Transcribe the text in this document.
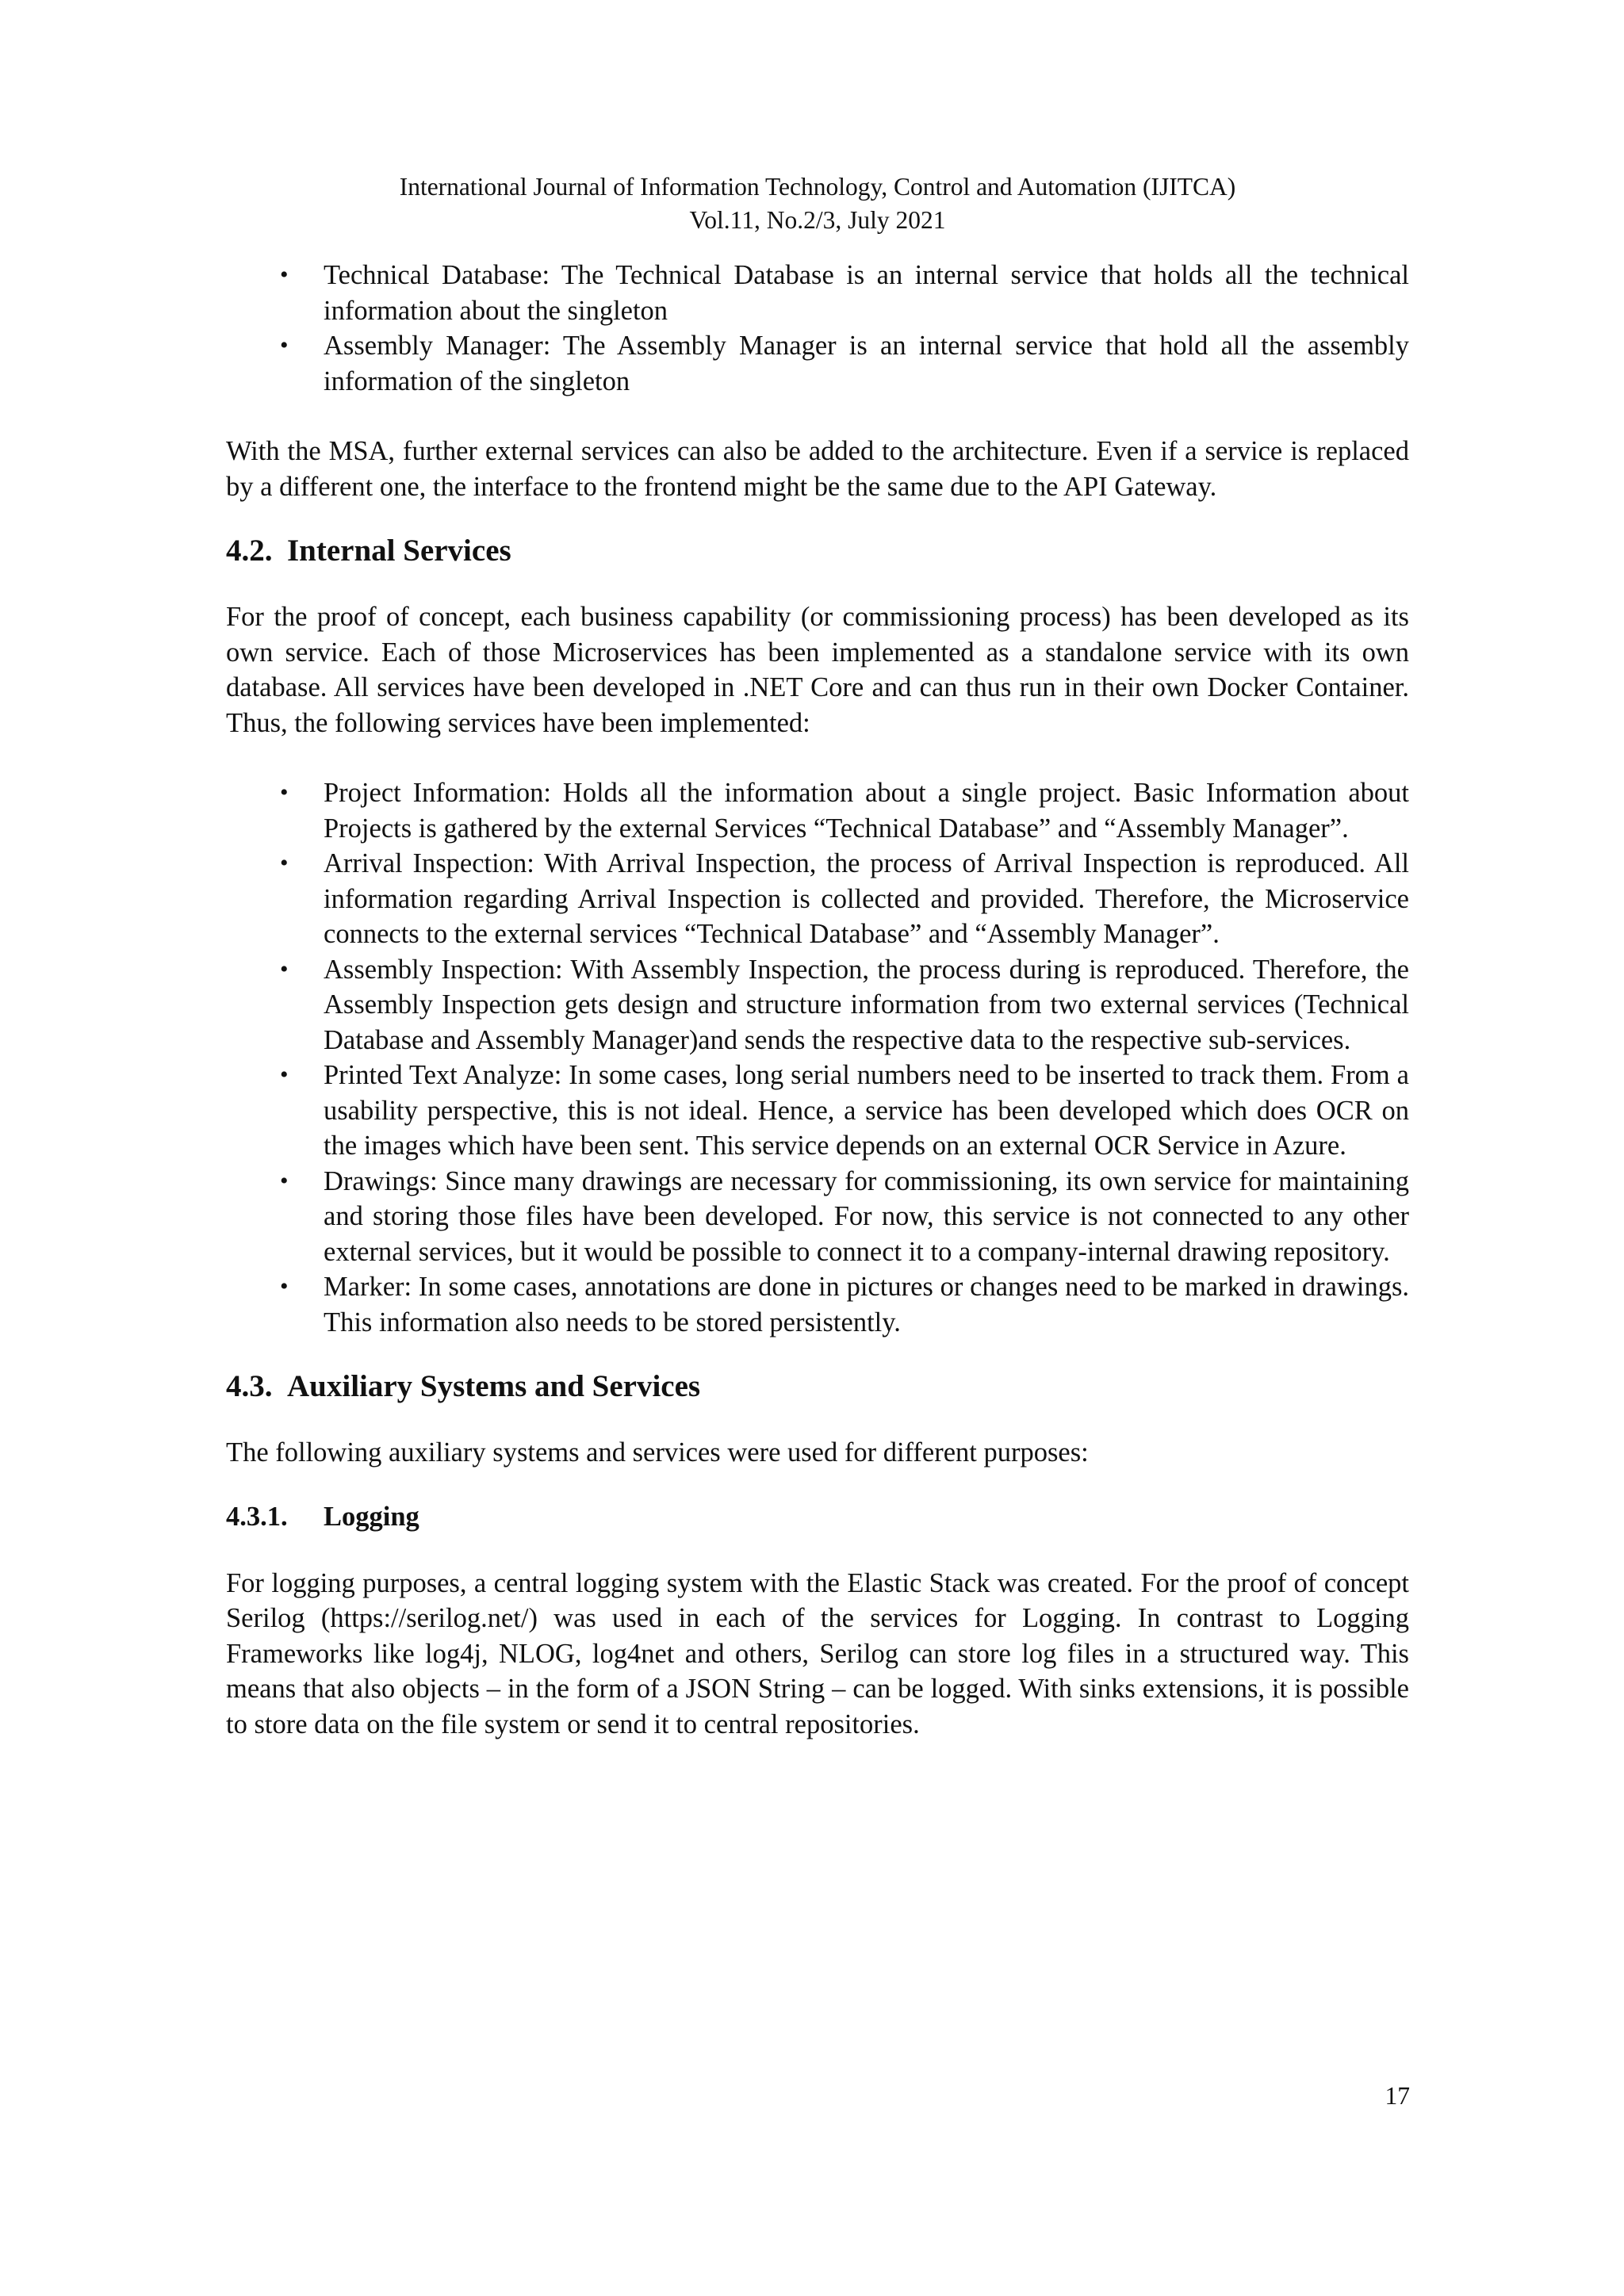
International Journal of Information Technology, Control and Automation (IJITCA)
Vol.11, No.2/3, July 2021
• Technical Database: The Technical Database is an internal service that holds all the technical information about the singleton
• Assembly Manager: The Assembly Manager is an internal service that hold all the assembly information of the singleton

With the MSA, further external services can also be added to the architecture. Even if a service is replaced by a different one, the interface to the frontend might be the same due to the API Gateway.

4.2. Internal Services

For the proof of concept, each business capability (or commissioning process) has been developed as its own service. Each of those Microservices has been implemented as a standalone service with its own database. All services have been developed in .NET Core and can thus run in their own Docker Container. Thus, the following services have been implemented:

• Project Information: Holds all the information about a single project. Basic Information about Projects is gathered by the external Services “Technical Database” and “Assembly Manager”.
• Arrival Inspection: With Arrival Inspection, the process of Arrival Inspection is reproduced. All information regarding Arrival Inspection is collected and provided. Therefore, the Microservice connects to the external services “Technical Database” and “Assembly Manager”.
• Assembly Inspection: With Assembly Inspection, the process during is reproduced. Therefore, the Assembly Inspection gets design and structure information from two external services (Technical Database and Assembly Manager)and sends the respective data to the respective sub-services.
• Printed Text Analyze: In some cases, long serial numbers need to be inserted to track them. From a usability perspective, this is not ideal. Hence, a service has been developed which does OCR on the images which have been sent. This service depends on an external OCR Service in Azure.
• Drawings: Since many drawings are necessary for commissioning, its own service for maintaining and storing those files have been developed. For now, this service is not connected to any other external services, but it would be possible to connect it to a company-internal drawing repository.
• Marker: In some cases, annotations are done in pictures or changes need to be marked in drawings. This information also needs to be stored persistently.
4.3. Auxiliary Systems and Services

The following auxiliary systems and services were used for different purposes:

4.3.1. Logging

For logging purposes, a central logging system with the Elastic Stack was created. For the proof of concept Serilog (https://serilog.net/) was used in each of the services for Logging. In contrast to Logging Frameworks like log4j, NLOG, log4net and others, Serilog can store log files in a structured way. This means that also objects – in the form of a JSON String – can be logged. With sinks extensions, it is possible to store data on the file system or send it to central repositories.

17
